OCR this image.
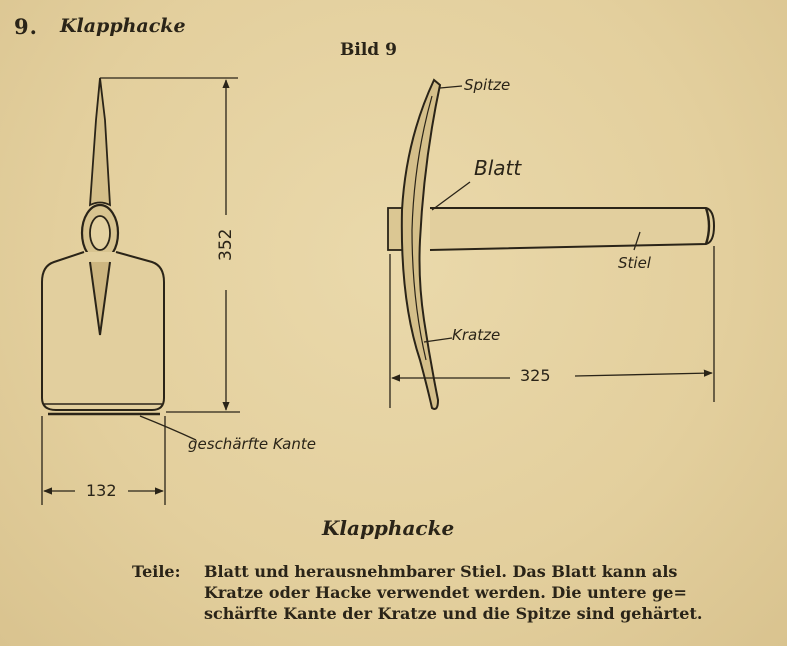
9. Klapphacke
Bild 9
352
132
geschärfte Kante
Spitze
Blatt
Stiel
Kratze
325
Klapphacke
Teile:	Blatt und herausnehmbarer Stiel. Das Blatt kann als
Kratze oder Hacke verwendet werden. Die untere ge=
schärfte Kante der Kratze und die Spitze sind gehärtet.
